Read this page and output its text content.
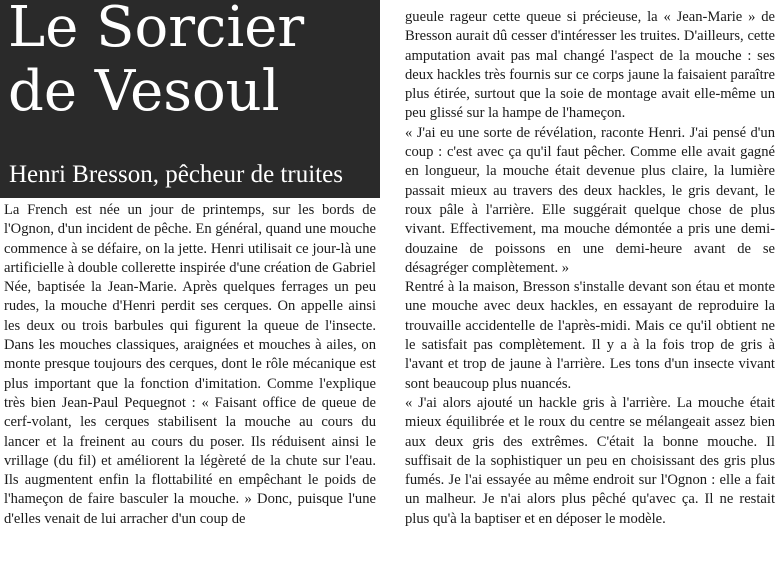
Le Sorcier
de Vesoul
Henri Bresson, pêcheur de truites

La French est née un jour de printemps, sur les bords de l'Ognon, d'un incident de pêche. En général, quand une mouche commence à se défaire, on la jette. Henri utilisait ce jour-là une artificielle à double collerette inspirée d'une création de Gabriel Née, baptisée la Jean-Marie. Après quelques ferrages un peu rudes, la mouche d'Henri perdit ses cerques. On appelle ainsi les deux ou trois barbules qui figurent la queue de l'insecte. Dans les mouches classiques, araignées et mouches à ailes, on monte presque toujours des cerques, dont le rôle mécanique est plus important que la fonction d'imitation. Comme l'explique très bien Jean-Paul Pequegnot : « Faisant office de queue de cerf-volant, les cerques stabilisent la mouche au cours du lancer et la freinent au cours du poser. Ils réduisent ainsi le vrillage (du fil) et améliorent la légèreté de la chute sur l'eau. Ils augmentent enfin la flottabilité en empêchant le poids de l'hameçon de faire basculer la mouche. » Donc, puisque l'une d'elles venait de lui arracher d'un coup de

gueule rageur cette queue si précieuse, la « Jean-Marie » de Bresson aurait dû cesser d'intéresser les truites. D'ailleurs, cette amputation avait pas mal changé l'aspect de la mouche : ses deux hackles très fournis sur ce corps jaune la faisaient paraître plus étirée, surtout que la soie de montage avait elle-même un peu glissé sur la hampe de l'hameçon.

« J'ai eu une sorte de révélation, raconte Henri. J'ai pensé d'un coup : c'est avec ça qu'il faut pêcher. Comme elle avait gagné en longueur, la mouche était devenue plus claire, la lumière passait mieux au travers des deux hackles, le gris devant, le roux pâle à l'arrière. Elle suggérait quelque chose de plus vivant. Effectivement, ma mouche démontée a pris une demi-douzaine de poissons en une demi-heure avant de se désagréger complètement. »

Rentré à la maison, Bresson s'installe devant son étau et monte une mouche avec deux hackles, en essayant de reproduire la trouvaille accidentelle de l'après-midi. Mais ce qu'il obtient ne le satisfait pas complètement. Il y a à la fois trop de gris à l'avant et trop de jaune à l'arrière. Les tons d'un insecte vivant sont beaucoup plus nuancés.

« J'ai alors ajouté un hackle gris à l'arrière. La mouche était mieux équilibrée et le roux du centre se mélangeait assez bien aux deux gris des extrêmes. C'était la bonne mouche. Il suffisait de la sophistiquer un peu en choisissant des gris plus fumés. Je l'ai essayée au même endroit sur l'Ognon : elle a fait un malheur. Je n'ai alors plus pêché qu'avec ça. Il ne restait plus qu'à la baptiser et en déposer le modèle.
